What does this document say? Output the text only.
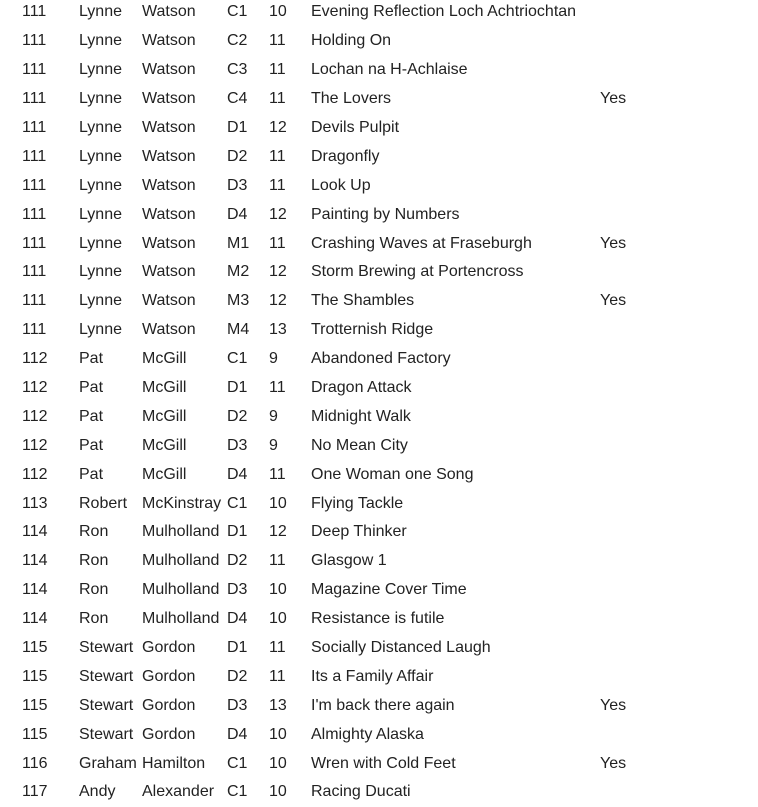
111	Lynne	Watson	C1	10	Evening Reflection Loch Achtriochtan	
111	Lynne	Watson	C2	11	Holding On	
111	Lynne	Watson	C3	11	Lochan na H-Achlaise	
111	Lynne	Watson	C4	11	The Lovers	Yes
111	Lynne	Watson	D1	12	Devils Pulpit	
111	Lynne	Watson	D2	11	Dragonfly	
111	Lynne	Watson	D3	11	Look Up	
111	Lynne	Watson	D4	12	Painting by Numbers	
111	Lynne	Watson	M1	11	Crashing Waves at Fraseburgh	Yes
111	Lynne	Watson	M2	12	Storm Brewing at Portencross	
111	Lynne	Watson	M3	12	The Shambles	Yes
111	Lynne	Watson	M4	13	Trotternish Ridge	
112	Pat	McGill	C1	9	Abandoned Factory	
112	Pat	McGill	D1	11	Dragon Attack	
112	Pat	McGill	D2	9	Midnight Walk	
112	Pat	McGill	D3	9	No Mean City	
112	Pat	McGill	D4	11	One Woman one Song	
113	Robert	McKinstray	C1	10	Flying Tackle	
114	Ron	Mulholland	D1	12	Deep Thinker	
114	Ron	Mulholland	D2	11	Glasgow 1	
114	Ron	Mulholland	D3	10	Magazine Cover Time	
114	Ron	Mulholland	D4	10	Resistance is futile	
115	Stewart	Gordon	D1	11	Socially Distanced Laugh	
115	Stewart	Gordon	D2	11	Its a Family Affair	
115	Stewart	Gordon	D3	13	I'm back there again	Yes
115	Stewart	Gordon	D4	10	Almighty Alaska	
116	Graham	Hamilton	C1	10	Wren with Cold Feet	Yes
117	Andy	Alexander	C1	10	Racing Ducati	
